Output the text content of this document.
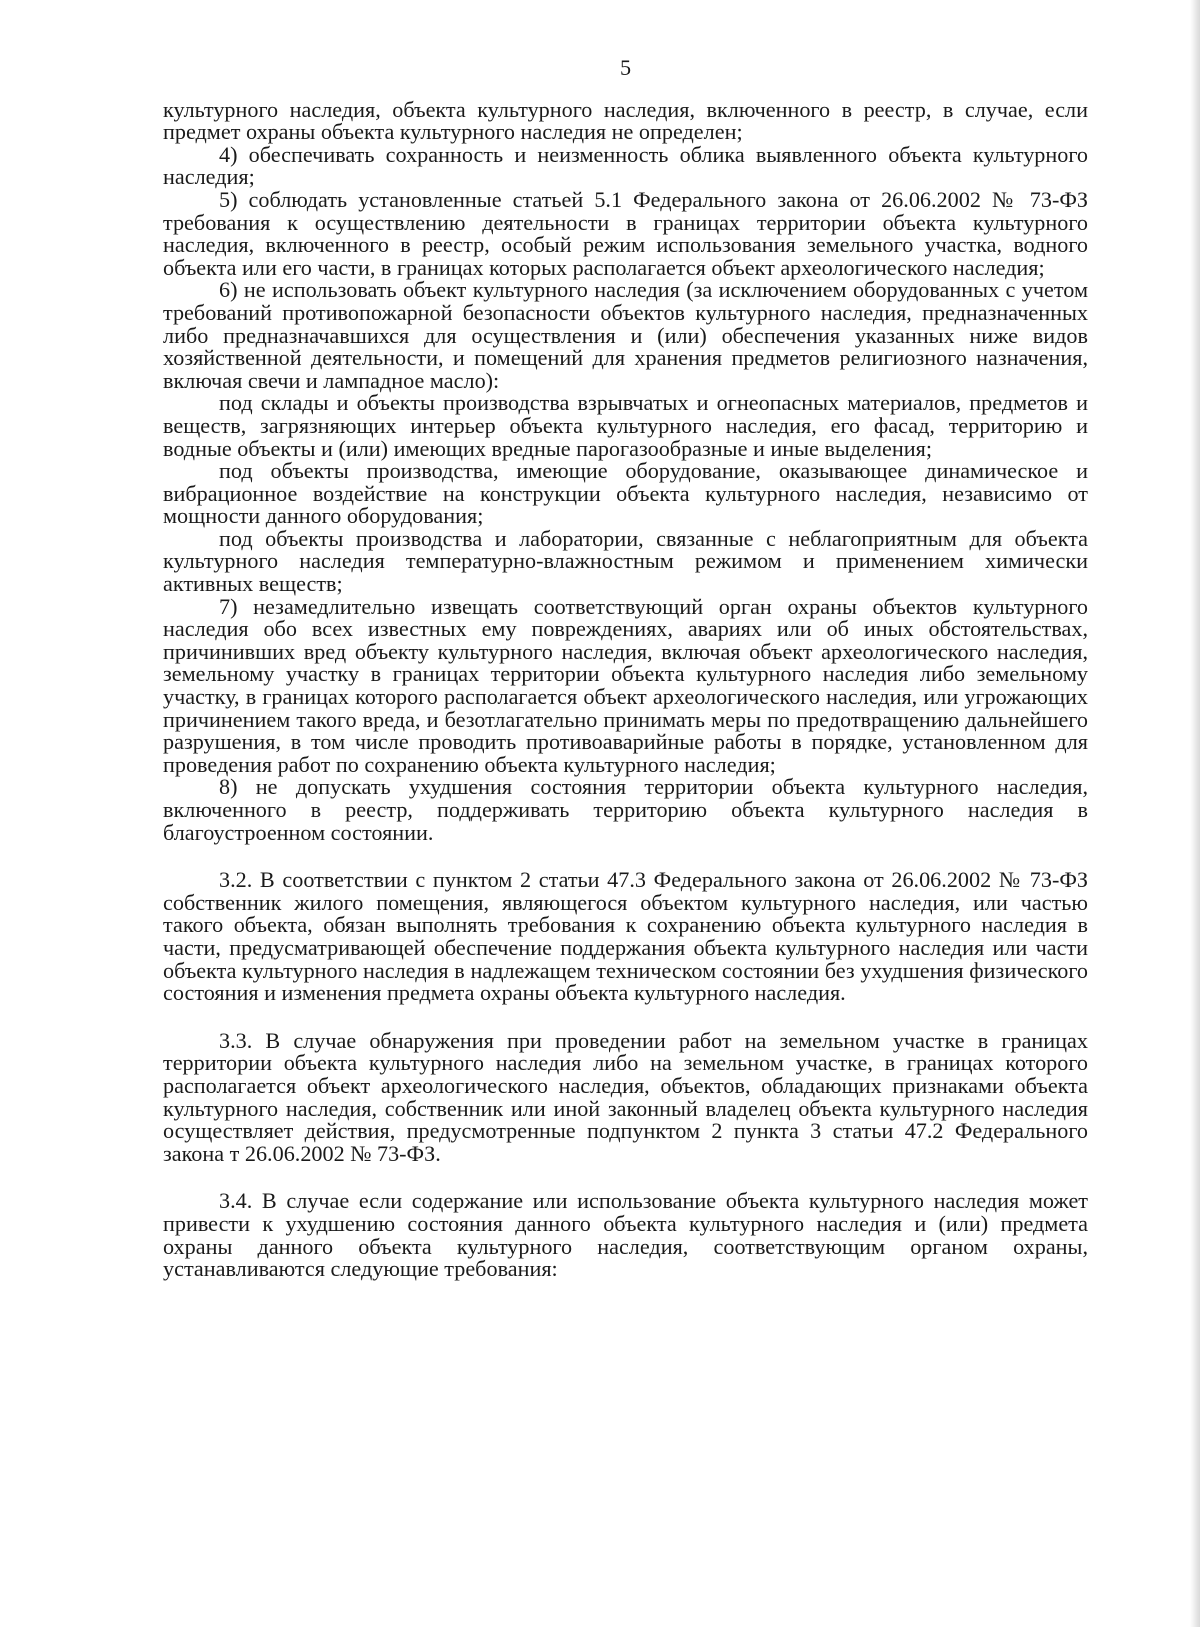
5

культурного наследия, объекта культурного наследия, включенного в реестр, в случае, если предмет охраны объекта культурного наследия не определен;

4) обеспечивать сохранность и неизменность облика выявленного объекта культурного наследия;

5) соблюдать установленные статьей 5.1 Федерального закона от 26.06.2002 № 73-ФЗ требования к осуществлению деятельности в границах территории объекта культурного наследия, включенного в реестр, особый режим использования земельного участка, водного объекта или его части, в границах которых располагается объект археологического наследия;

6) не использовать объект культурного наследия (за исключением оборудованных с учетом требований противопожарной безопасности объектов культурного наследия, предназначенных либо предназначавшихся для осуществления и (или) обеспечения указанных ниже видов хозяйственной деятельности, и помещений для хранения предметов религиозного назначения, включая свечи и лампадное масло):

под склады и объекты производства взрывчатых и огнеопасных материалов, предметов и веществ, загрязняющих интерьер объекта культурного наследия, его фасад, территорию и водные объекты и (или) имеющих вредные парогазообразные и иные выделения;

под объекты производства, имеющие оборудование, оказывающее динамическое и вибрационное воздействие на конструкции объекта культурного наследия, независимо от мощности данного оборудования;

под объекты производства и лаборатории, связанные с неблагоприятным для объекта культурного наследия температурно-влажностным режимом и применением химически активных веществ;

7) незамедлительно извещать соответствующий орган охраны объектов культурного наследия обо всех известных ему повреждениях, авариях или об иных обстоятельствах, причинивших вред объекту культурного наследия, включая объект археологического наследия, земельному участку в границах территории объекта культурного наследия либо земельному участку, в границах которого располагается объект археологического наследия, или угрожающих причинением такого вреда, и безотлагательно принимать меры по предотвращению дальнейшего разрушения, в том числе проводить противоаварийные работы в порядке, установленном для проведения работ по сохранению объекта культурного наследия;

8) не допускать ухудшения состояния территории объекта культурного наследия, включенного в реестр, поддерживать территорию объекта культурного наследия в благоустроенном состоянии.

3.2. В соответствии с пунктом 2 статьи 47.3 Федерального закона от 26.06.2002 № 73-ФЗ собственник жилого помещения, являющегося объектом культурного наследия, или частью такого объекта, обязан выполнять требования к сохранению объекта культурного наследия в части, предусматривающей обеспечение поддержания объекта культурного наследия или части объекта культурного наследия в надлежащем техническом состоянии без ухудшения физического состояния и изменения предмета охраны объекта культурного наследия.

3.3. В случае обнаружения при проведении работ на земельном участке в границах территории объекта культурного наследия либо на земельном участке, в границах которого располагается объект археологического наследия, объектов, обладающих признаками объекта культурного наследия, собственник или иной законный владелец объекта культурного наследия осуществляет действия, предусмотренные подпунктом 2 пункта 3 статьи 47.2 Федерального закона т 26.06.2002 № 73-ФЗ.

3.4. В случае если содержание или использование объекта культурного наследия может привести к ухудшению состояния данного объекта культурного наследия и (или) предмета охраны данного объекта культурного наследия, соответствующим органом охраны, устанавливаются следующие требования:
